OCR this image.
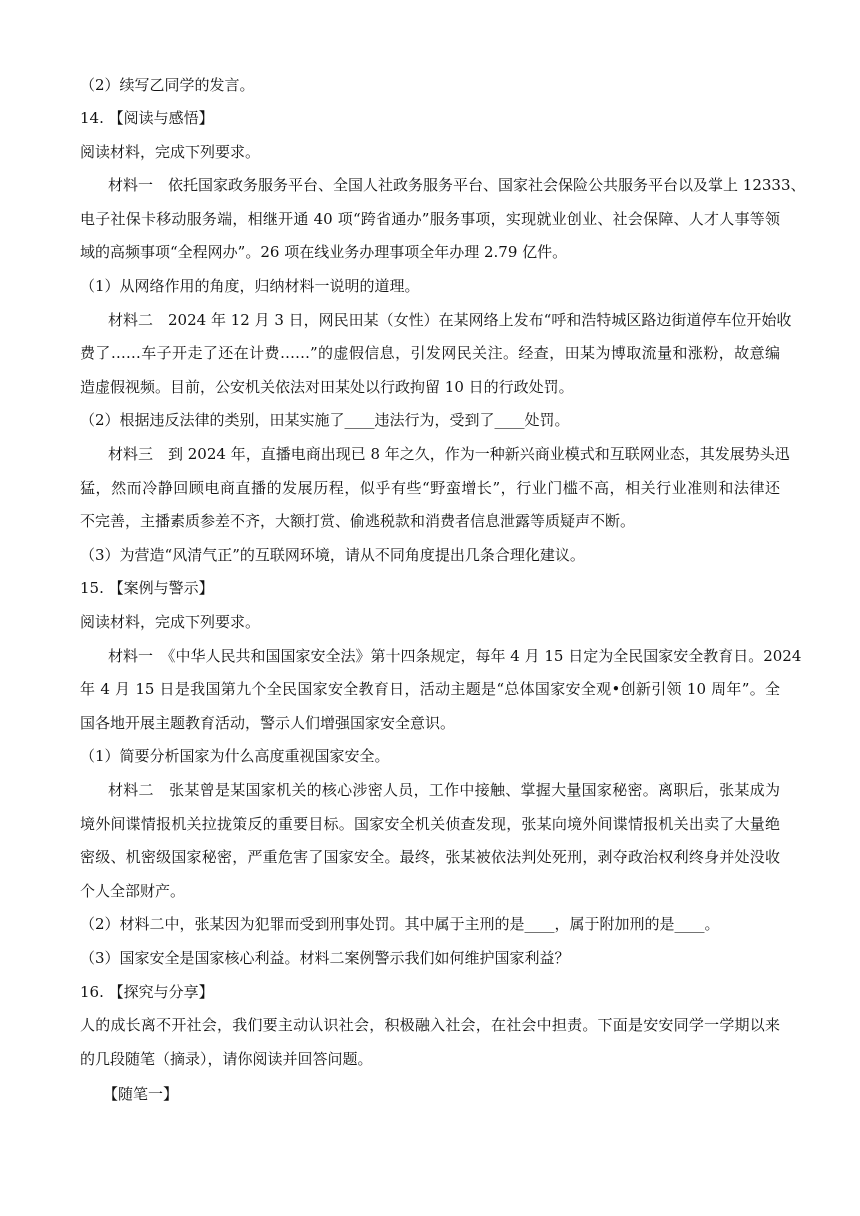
（2）续写乙同学的发言。
14. 【阅读与感悟】
阅读材料，完成下列要求。
材料一　依托国家政务服务平台、全国人社政务服务平台、国家社会保险公共服务平台以及掌上 12333、
电子社保卡移动服务端，相继开通 40 项“跨省通办”服务事项，实现就业创业、社会保障、人才人事等领
域的高频事项“全程网办”。26 项在线业务办理事项全年办理 2.79 亿件。
（1）从网络作用的角度，归纳材料一说明的道理。
材料二　2024 年 12 月 3 日，网民田某（女性）在某网络上发布“呼和浩特城区路边街道停车位开始收
费了……车子开走了还在计费……”的虚假信息，引发网民关注。经查，田某为博取流量和涨粉，故意编
造虚假视频。目前，公安机关依法对田某处以行政拘留 10 日的行政处罚。
（2）根据违反法律的类别，田某实施了____违法行为，受到了____处罚。
材料三　到 2024 年，直播电商出现已 8 年之久，作为一种新兴商业模式和互联网业态，其发展势头迅
猛，然而冷静回顾电商直播的发展历程，似乎有些“野蛮增长”，行业门槛不高，相关行业准则和法律还
不完善，主播素质参差不齐，大额打赏、偷逃税款和消费者信息泄露等质疑声不断。
（3）为营造“风清气正”的互联网环境，请从不同角度提出几条合理化建议。
15. 【案例与警示】
阅读材料，完成下列要求。
材料一　《中华人民共和国国家安全法》第十四条规定，每年 4 月 15 日定为全民国家安全教育日。2024
年 4 月 15 日是我国第九个全民国家安全教育日，活动主题是“总体国家安全观•创新引领 10 周年”。全
国各地开展主题教育活动，警示人们增强国家安全意识。
（1）简要分析国家为什么高度重视国家安全。
材料二　张某曾是某国家机关的核心涉密人员，工作中接触、掌握大量国家秘密。离职后，张某成为
境外间谍情报机关拉拢策反的重要目标。国家安全机关侦查发现，张某向境外间谍情报机关出卖了大量绝
密级、机密级国家秘密，严重危害了国家安全。最终，张某被依法判处死刑，剥夺政治权利终身并处没收
个人全部财产。
（2）材料二中，张某因为犯罪而受到刑事处罚。其中属于主刑的是____，属于附加刑的是____。
（3）国家安全是国家核心利益。材料二案例警示我们如何维护国家利益？
16. 【探究与分享】
人的成长离不开社会，我们要主动认识社会，积极融入社会，在社会中担责。下面是安安同学一学期以来
的几段随笔（摘录），请你阅读并回答问题。
【随笔一】
